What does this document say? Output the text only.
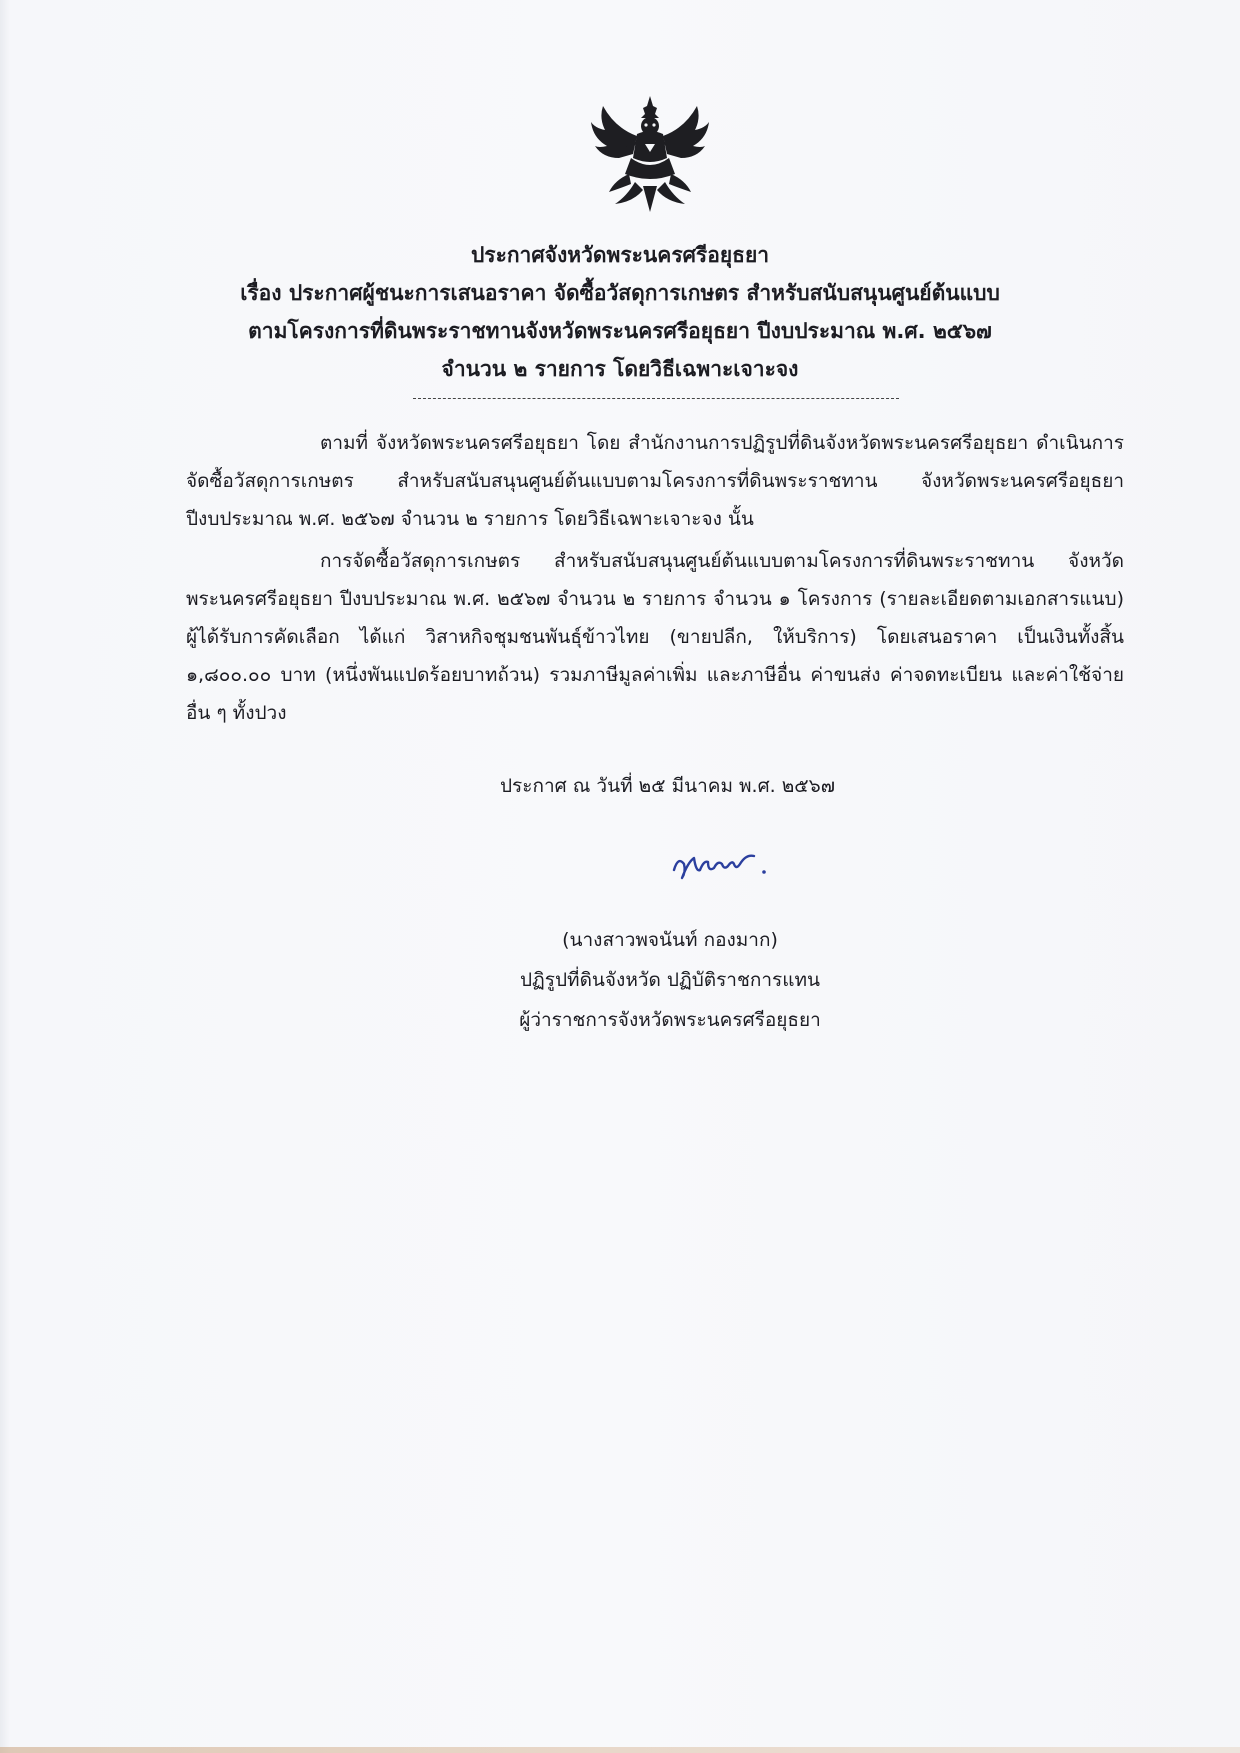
ประกาศจังหวัดพระนครศรีอยุธยา
เรื่อง ประกาศผู้ชนะการเสนอราคา จัดซื้อวัสดุการเกษตร สำหรับสนับสนุนศูนย์ต้นแบบ
ตามโครงการที่ดินพระราชทานจังหวัดพระนครศรีอยุธยา ปีงบประมาณ พ.ศ. ๒๕๖๗
จำนวน ๒ รายการ โดยวิธีเฉพาะเจาะจง
ตามที่ จังหวัดพระนครศรีอยุธยา โดย สำนักงานการปฏิรูปที่ดินจังหวัดพระนครศรีอยุธยา ดำเนินการจัดซื้อวัสดุการเกษตร สำหรับสนับสนุนศูนย์ต้นแบบตามโครงการที่ดินพระราชทาน จังหวัดพระนครศรีอยุธยา ปีงบประมาณ พ.ศ. ๒๕๖๗ จำนวน ๒ รายการ โดยวิธีเฉพาะเจาะจง นั้น
การจัดซื้อวัสดุการเกษตร สำหรับสนับสนุนศูนย์ต้นแบบตามโครงการที่ดินพระราชทาน จังหวัดพระนครศรีอยุธยา ปีงบประมาณ พ.ศ. ๒๕๖๗ จำนวน ๒ รายการ จำนวน ๑ โครงการ (รายละเอียดตามเอกสารแนบ) ผู้ได้รับการคัดเลือก ได้แก่ วิสาหกิจชุมชนพันธุ์ข้าวไทย (ขายปลีก, ให้บริการ) โดยเสนอราคา เป็นเงินทั้งสิ้น ๑,๘๐๐.๐๐ บาท (หนึ่งพันแปดร้อยบาทถ้วน) รวมภาษีมูลค่าเพิ่ม และภาษีอื่น ค่าขนส่ง ค่าจดทะเบียน และค่าใช้จ่ายอื่น ๆ ทั้งปวง
ประกาศ ณ วันที่ ๒๕ มีนาคม พ.ศ. ๒๕๖๗
(นางสาวพจนันท์ กองมาก)
ปฏิรูปที่ดินจังหวัด ปฏิบัติราชการแทน
ผู้ว่าราชการจังหวัดพระนครศรีอยุธยา
